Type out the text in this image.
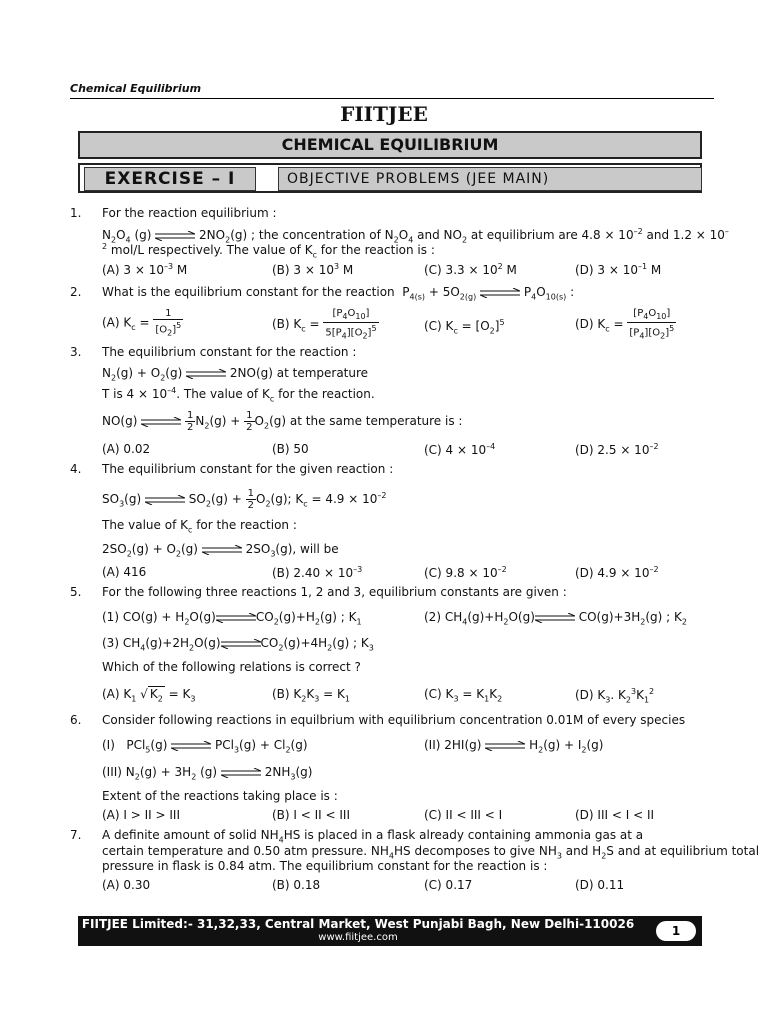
Chemical Equilibrium
FIITJEE
CHEMICAL EQUILIBRIUM
EXERCISE – I	OBJECTIVE PROBLEMS (JEE MAIN)
1. For the reaction equilibrium :
$N_2O_4$ (g)	$2NO_2(g)$ ; the concentration of $N_2O_4$ and $NO_2$ at equilibrium are $4.8 \times 10^{-2}$ and 1.2 × 10–
$^2$ mol/L respectively. The value of $K_c$ for the reaction is :
(A) $3 \times 10^{-3}$ M	(B) $3 \times 10^3$ M	(C) $3.3 \times 10^2$ M	(D) $3 \times 10^{-1}$ M
2. What is the equilibrium constant for the reaction  $P_{4(s)} + 5O_{2(g)}$	$P_4O_{10(s)}$ :
(A) $K_c = \frac{1}{[O_2]^5}$	(B) $K_c = \frac{[P_4O_{10}]}{5[P_4][O_2]^5}$	(C) $K_c = [O_2]^5$	(D) $K_c = \frac{[P_4O_{10}]}{[P_4][O_2]^5}$
3. The equilibrium constant for the reaction :
$N_2(g) + O_2(g)$	2NO(g) at temperature
T is $4 \times 10^{-4}$. The value of $K_c$ for the reaction.
NO(g)	$\frac{1}{2} N_2(g) + \frac{1}{2} O_2(g)$ at the same temperature is :
(A) 0.02	(B) 50	(C) $4 \times 10^{-4}$	(D) $2.5 \times 10^{-2}$
4. The equilibrium constant for the given reaction :
$SO_3(g)$	$SO_2(g) + \frac{1}{2} O_2(g)$; $K_c = 4.9 \times 10^{-2}$
The value of $K_c$ for the reaction :
$2SO_2(g) + O_2(g)$	$2SO_3(g)$, will be
(A) 416	(B) $2.40 \times 10^{-3}$	(C) $9.8 \times 10^{-2}$	(D) $4.9 \times 10^{-2}$
5. For the following three reactions 1, 2 and 3, equilibrium constants are given :
(1) $CO(g) + H_2O(g)$	$CO_2(g)+H_2(g)$ ; $K_1$	(2) $CH_4(g)+H_2O(g)$	$CO(g)+3H_2(g)$ ; $K_2$
(3) $CH_4(g)+2H_2O(g)$	$CO_2(g)+4H_2(g)$ ; $K_3$
Which of the following relations is correct ?
(A) $K_1$ √ $K_2 = K_3$	(B) $K_2K_3 = K_1$	(C) $K_3 = K_1K_2$	(D) $K_3$. $K_2^3K_1^2$
6. Consider following reactions in equilbrium with equilibrium concentration 0.01M of every species
(I)   PCl$_5$(g)	$PCl_3(g) + Cl_2(g)$	(II) 2HI(g)	$H_2(g) + I_2(g)$
(III) $N_2(g) + 3H_2$ (g)	$2NH_3(g)$
Extent of the reactions taking place is :
(A) I > II > III	(B) I < II < III	(C) II < III < I	(D) III < I < II
7. A definite amount of solid $NH_4HS$ is placed in a flask already containing ammonia gas at a
certain temperature and 0.50 atm pressure. $NH_4HS$ decomposes to give $NH_3$ and $H_2S$ and at equilibrium total
pressure in flask is 0.84 atm. The equilibrium constant for the reaction is :
(A) 0.30	(B) 0.18	(C) 0.17	(D) 0.11
FIITJEE Limited:- 31,32,33, Central Market, West Punjabi Bagh, New Delhi-110026
www.fiitjee.com	1
